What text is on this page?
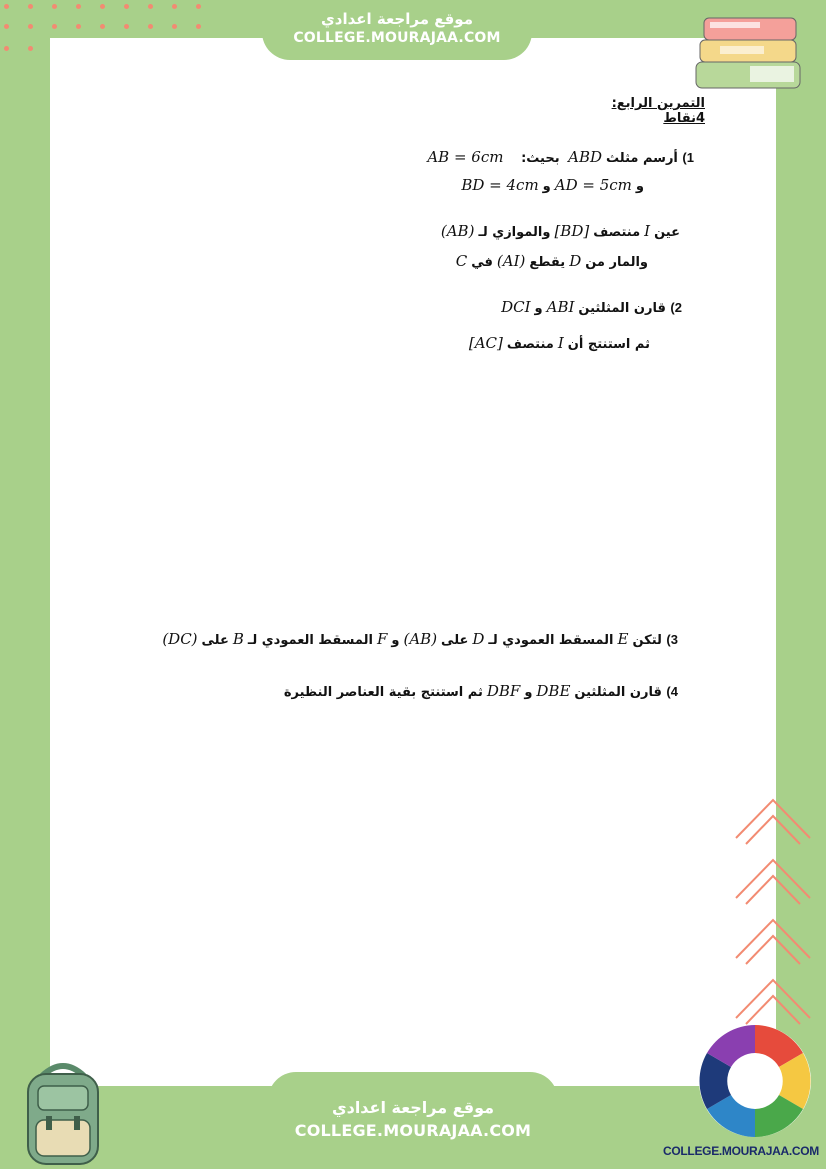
موقع مراجعة اعدادي
COLLEGE.MOURAJAA.COM
التمرين الرابع: 4نقاط
1) أرسم مثلثABD بحيث:   AB = 6cm
وAD = 5cmوBD = 4cm
عينIمنتصف[BD]والموازي لـ(AB)
والمار منDيقطع(AI)فيC
2) قارن المثلثينABIوDCI
ثم استنتج أنIمنتصف[AC]
3) لتكنEالمسقط العمودي لـDعلى(AB)وFالمسقط العمودي لـBعلى(DC)
4) قارن المثلثينDBEوDBFثم استنتج بقية العناصر النظيرة
COLLEGE.MOURAJAA.COM
موقع مراجعة اعدادي
COLLEGE.MOURAJAA.COM
